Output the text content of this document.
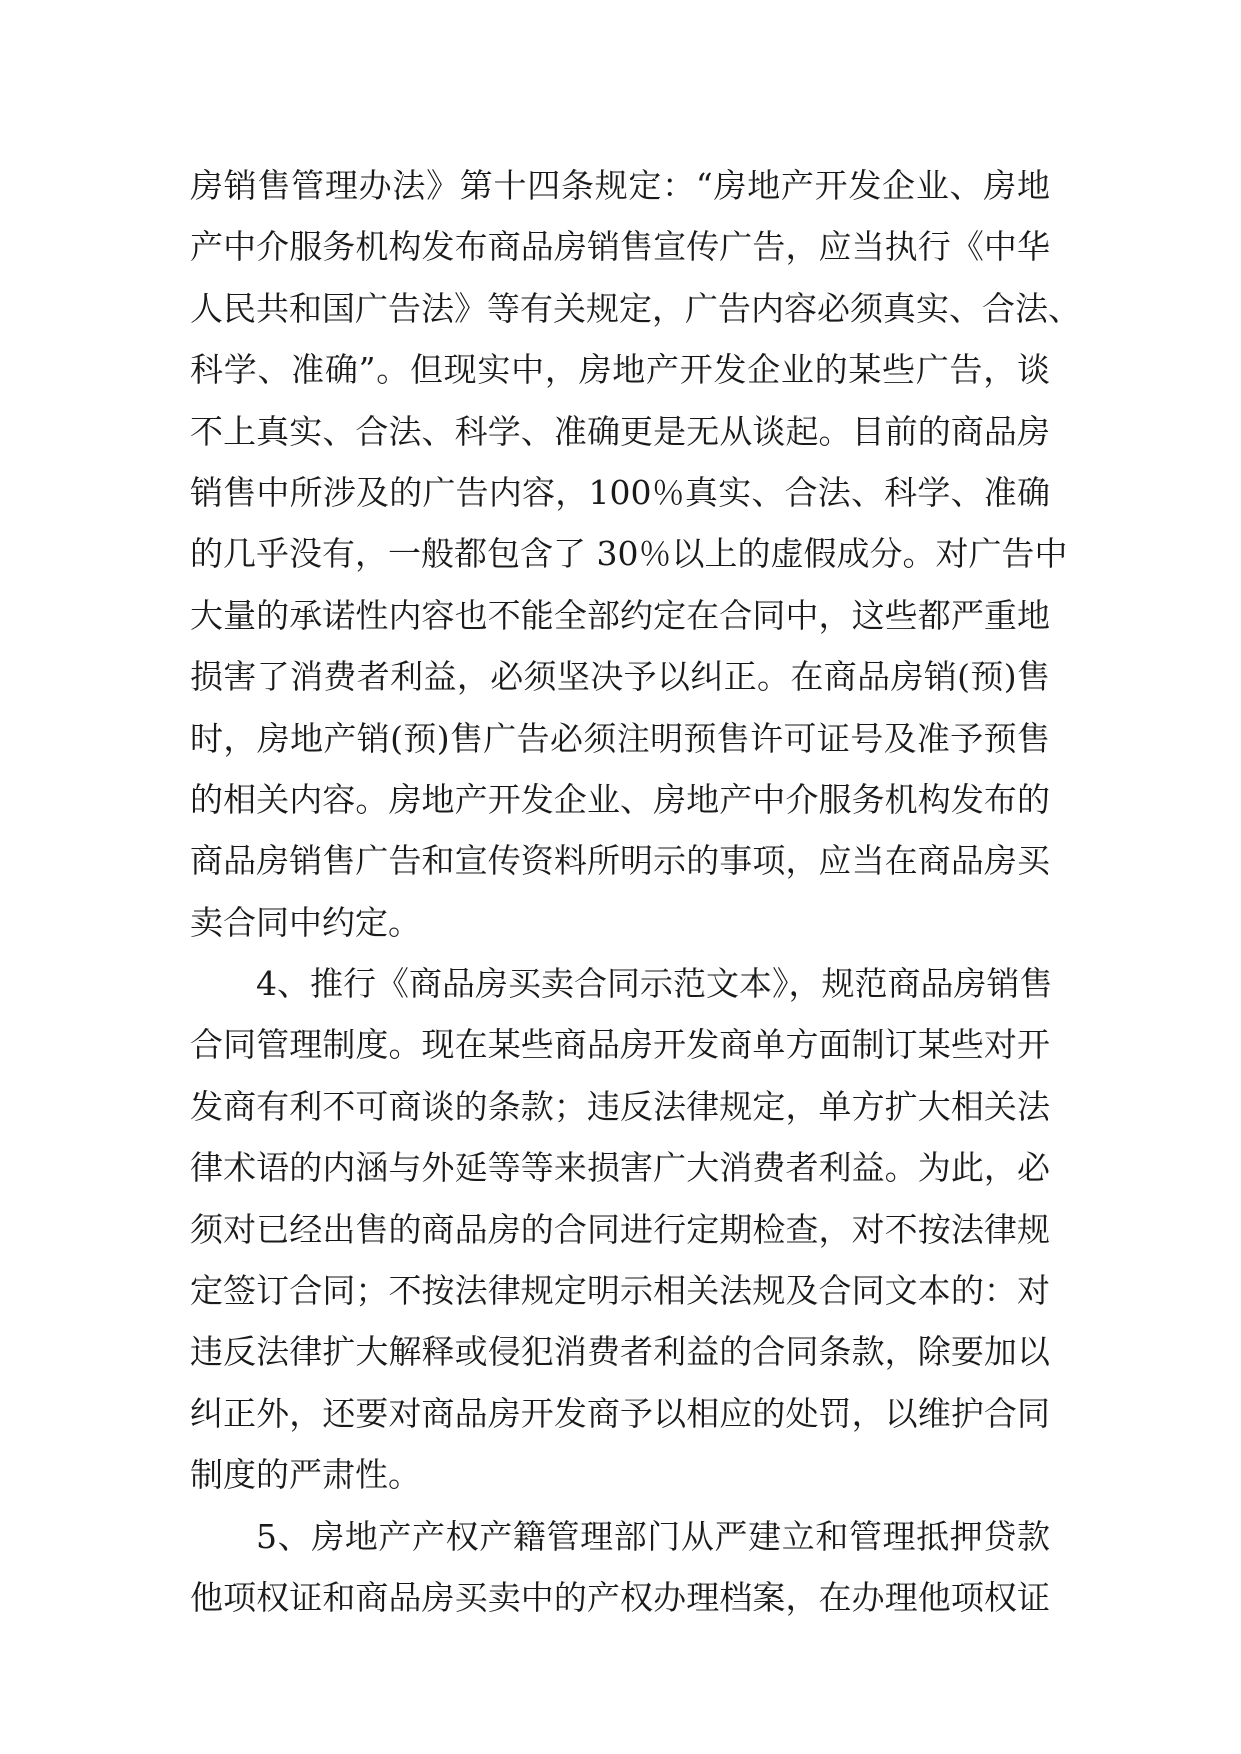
房销售管理办法》第十四条规定：“房地产开发企业、房地
产中介服务机构发布商品房销售宣传广告，应当执行《中华
人民共和国广告法》等有关规定，广告内容必须真实、合法、
科学、准确”。但现实中，房地产开发企业的某些广告，谈
不上真实、合法、科学、准确更是无从谈起。目前的商品房
销售中所涉及的广告内容，100％真实、合法、科学、准确
的几乎没有，一般都包含了 30％以上的虚假成分。对广告中
大量的承诺性内容也不能全部约定在合同中，这些都严重地
损害了消费者利益，必须坚决予以纠正。在商品房销(预)售
时，房地产销(预)售广告必须注明预售许可证号及准予预售
的相关内容。房地产开发企业、房地产中介服务机构发布的
商品房销售广告和宣传资料所明示的事项，应当在商品房买
卖合同中约定。
4、推行《商品房买卖合同示范文本》，规范商品房销售
合同管理制度。现在某些商品房开发商单方面制订某些对开
发商有利不可商谈的条款；违反法律规定，单方扩大相关法
律术语的内涵与外延等等来损害广大消费者利益。为此，必
须对已经出售的商品房的合同进行定期检查，对不按法律规
定签订合同；不按法律规定明示相关法规及合同文本的：对
违反法律扩大解释或侵犯消费者利益的合同条款，除要加以
纠正外，还要对商品房开发商予以相应的处罚，以维护合同
制度的严肃性。
5、房地产产权产籍管理部门从严建立和管理抵押贷款
他项权证和商品房买卖中的产权办理档案，在办理他项权证
